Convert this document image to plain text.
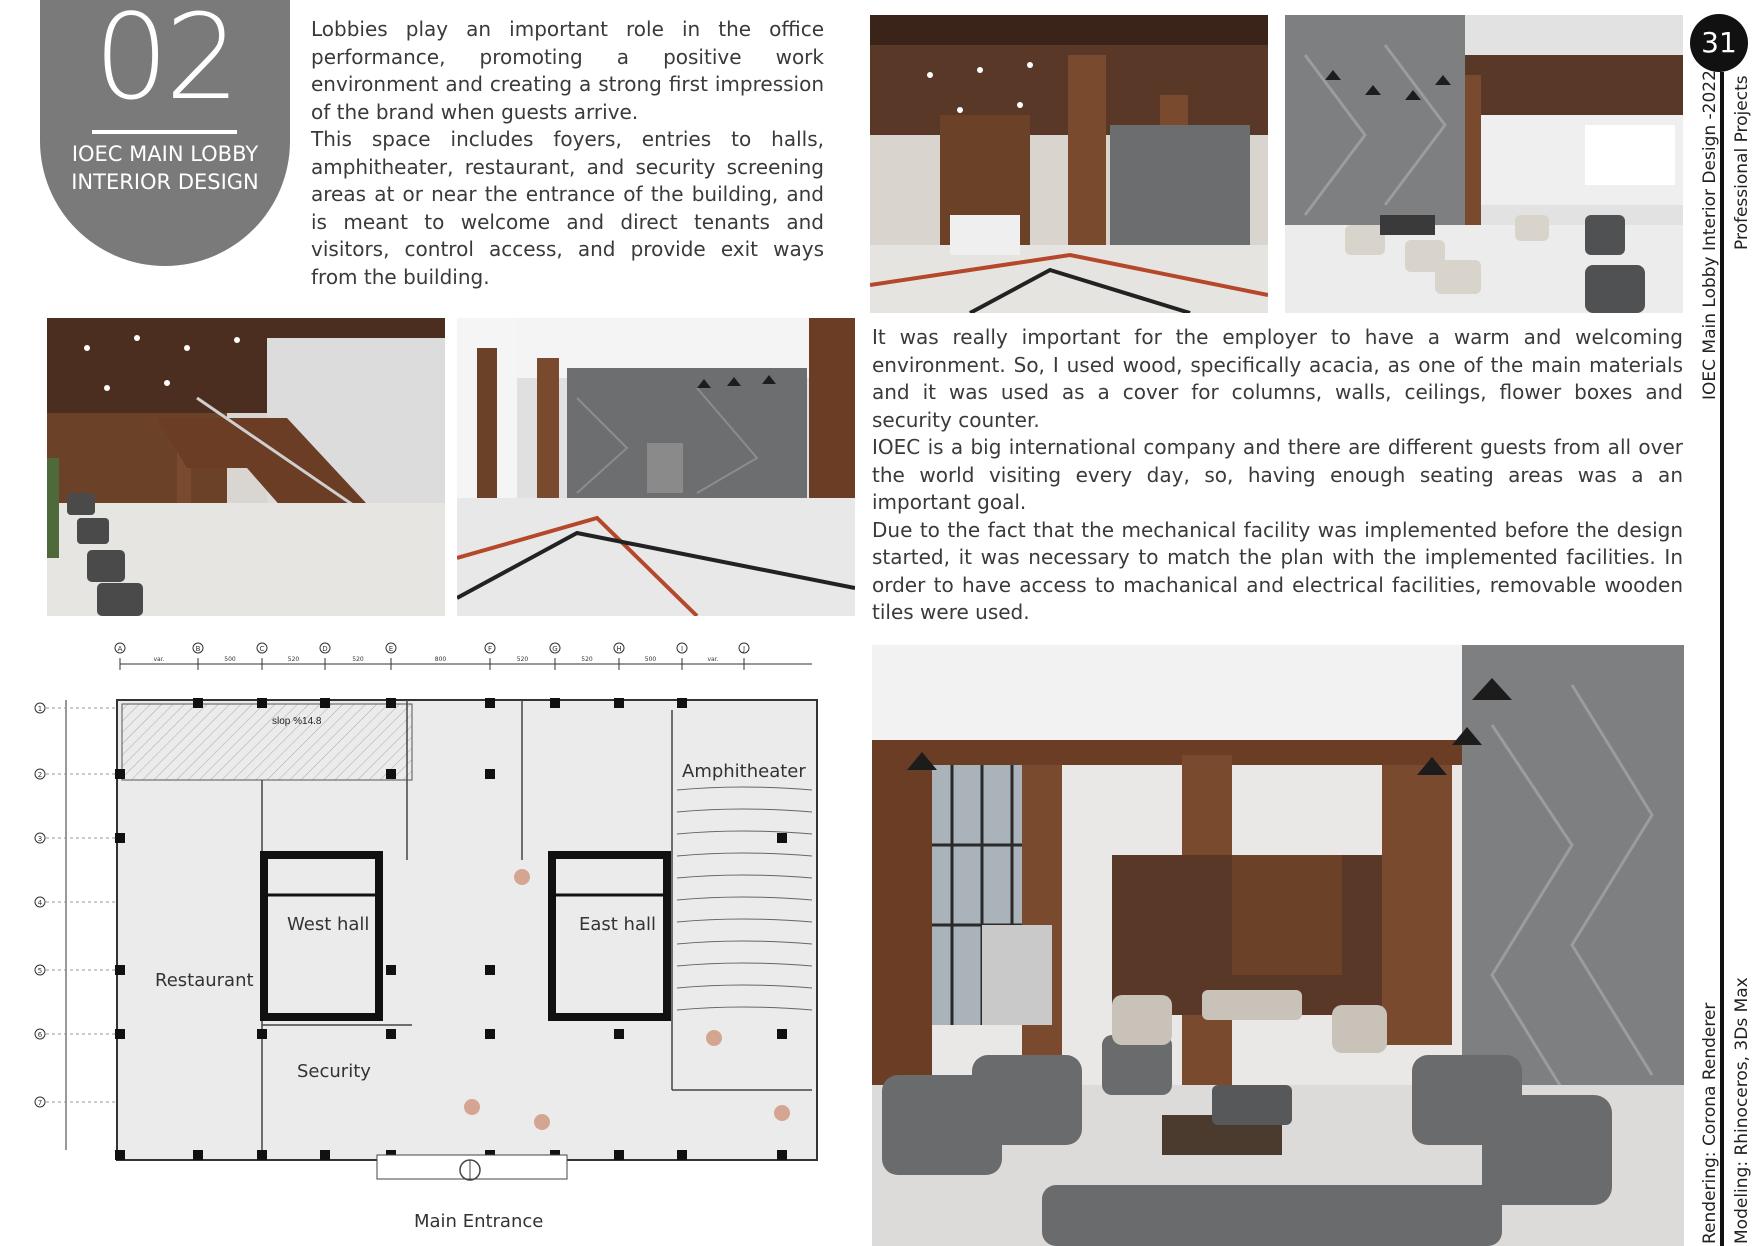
02
IOEC MAIN LOBBY
INTERIOR DESIGN

Lobbies play an important role in the office performance, promoting a positive work environment and creating a strong first impression of the brand when guests arrive.

This space includes foyers, entries to halls, amphitheater, restaurant, and security screening areas at or near the entrance of the building, and is meant to welcome and direct tenants and visitors, control access, and provide exit ways from the building.

It was really important for the employer to have a warm and welcoming environment. So, I used wood, specifically acacia, as one of the main materials and it was used as a cover for columns, walls, ceilings, flower boxes and security counter.

IOEC is a big international company and there are different guests from all over the world visiting every day, so, having enough seating areas was a an important goal.

Due to the fact that the mechanical facility was implemented before the design started, it was necessary to match the plan with the implemented facilities. In order to have access to machanical and electrical facilities, removable wooden tiles were used.

A	B	C	D	E	F	G	H	I	J
var.	500	520	520	800	520	520	500	var.
1
2
3
4
5
6
7
slop %14.8
Amphitheater
West hall	East hall
Restaurant
Security
Main Entrance
31
Professional Projects
IOEC Main Lobby Interior Design -2022
Rendering: Corona Renderer Modeling: Rhinoceros, 3Ds Max
